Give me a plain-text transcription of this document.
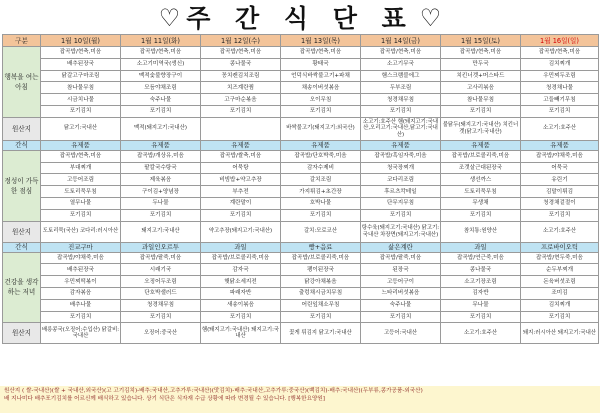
♡ 주 간 식 단 표 ♡
구분	1월 10일(월)	1월 11일(화)	1월 12일(수)	1월 13일(목)	1월 14일(금)	1월 15일(토)	1월 16일(일)
행복을 여는 아침	잡곡밥/현축,미음	잡곡밥/현축,미음	잡곡밥/현축,미음	잡곡밥/현축,미음	잡곡밥/현축,미음	잡곡밥/현축,미음	잡곡밥/현축,미음
	배추된장국	소고기미역국(생신)	콩나물국	황태국	소고기무국	만두국	김치찌개
	닭갈고구마조림	맥적숯불향장구이	꽁치캔김치조림	언덕식바싹불고기+파채	햄스크램블에그	치킨너겟+머스타드	우민찌두조림
	참나물무침	모듬야채조림	치즈계란찜	채송이버섯볶음	두부조림	고사리볶음	청경채나물
	시금치나물	숙주나물	고구마순볶음	오이무침	청경채무침	참나물무침	고들빼기무침
	포기김치	포기김치	포기김치	포기김치	포기김치	포기김치	포기김치
원산지	닭고기:국내산	맥적(돼지고기:국내산)		바싹불고기(돼지고기:외국산)	소고기:호주산 햄(돼지고기:국내산,오리고기:국내산,닭고기:국내산)	불닭두(돼지고기:국내산) 치킨너겟(닭고기:국내산)	소고기:호주산
간식	유제품	유제품	유제품	유제품	유제품	유제품	유제품
정성이 가득한 점심	잡곡밥/현축,미음	잡곡밥/개상유,미음	잡곡밥/쌀축,미음	잡곡밥/단호박죽,미음	잡곡밥/흑임자죽,미음	잡곡밥/브로콜리죽,미음	잡곡밥/야채죽,미음
	부대찌개	팥칼국수탕국	어묵탕	감자수제비	청국장찌개	조갯살근대된장국	어묵국
	고등어조림	제육볶음	비빔밥+약고추장	갈치조림	코다리조림	생선까스	유린기
	도토리묵무침	구이김+양념장	부추전	가지튀김+초간장	후르츠칵테일	도토리묵무침	김말이튀김
	열무나물	두나물	계란말이	호박나물	단무지무침	무생채	청경채겉절이
	포기김치	포기김치	포기김치	포기김치	포기김치	포기김치	포기김치
원산지	도토리묵(국산) 코다리:러시아산	돼지고기:국내산	약고추장(돼지고기:국내산)	갈치:모로코산	탕수육(돼지고기:국내산) 닭고기:국내산 차장면(돼지고기:국내산)	참치통:원양산	소고기:호주산
간식	진교구마	과일인오르투	과일	빵+음료	삶은계란	과일	프로바이오틱
건강을 생각하는 저녁	잡곡밥/야채죽,미음	잡곡밥/팥죽,미음	잡곡밥/브로콜리죽,미음	잡곡밥/브로콜리죽,미음	잡곡밥/팥죽,미음	잡곡밥/연근죽,미음	잡곡밥/현두죽,미음
	배추된장국	시래기국	감자국	팽이된장국	된장국	콩나물국	순두부찌개
	우민찌떡볶이	오징어두조림	햇닭소세지전	닭강아채볶음	고등어구이	소고기장조림	돈육버섯조림
	감자볶음	단호박샐러드	파래자반	출렁채시금치무침	느타리버섯볶음	김자반	조미김
	배추나물	청경채무침	새송이볶음	어린잎채소무침	숙주나물	무나물	김치찌개
	포기김치	포기김치	포기김치	포기김치	포기김치	포기김치	포기김치
원산지	배릉콩국(오징어:수입산) 닭갈비:국내산	오징어:중국산	햄(돼지고기:국내산) 돼지고기:국내산	꽃게 튀김지 닭고기:국내산	고등어:국내산	소고기:호주산	돼지:러시아산 돼지고기:국내산
원산지 ( 쌀-국내산)(쌀 + 국내산,외국산)(고 고기김치)-배추:국내산,고추가루:국내산)(맛김치)-배추:국내산,고추가루:중국산)(백김치)-배추:국내산)(두부류,콩가공품-외국산)
배 지나미다 배추포기김치를 어르신께 배식하고 있습니다. 상기 식단은 식자재 수급 상황에 따라 변경될 수 있습니다. [행복한요양원]
